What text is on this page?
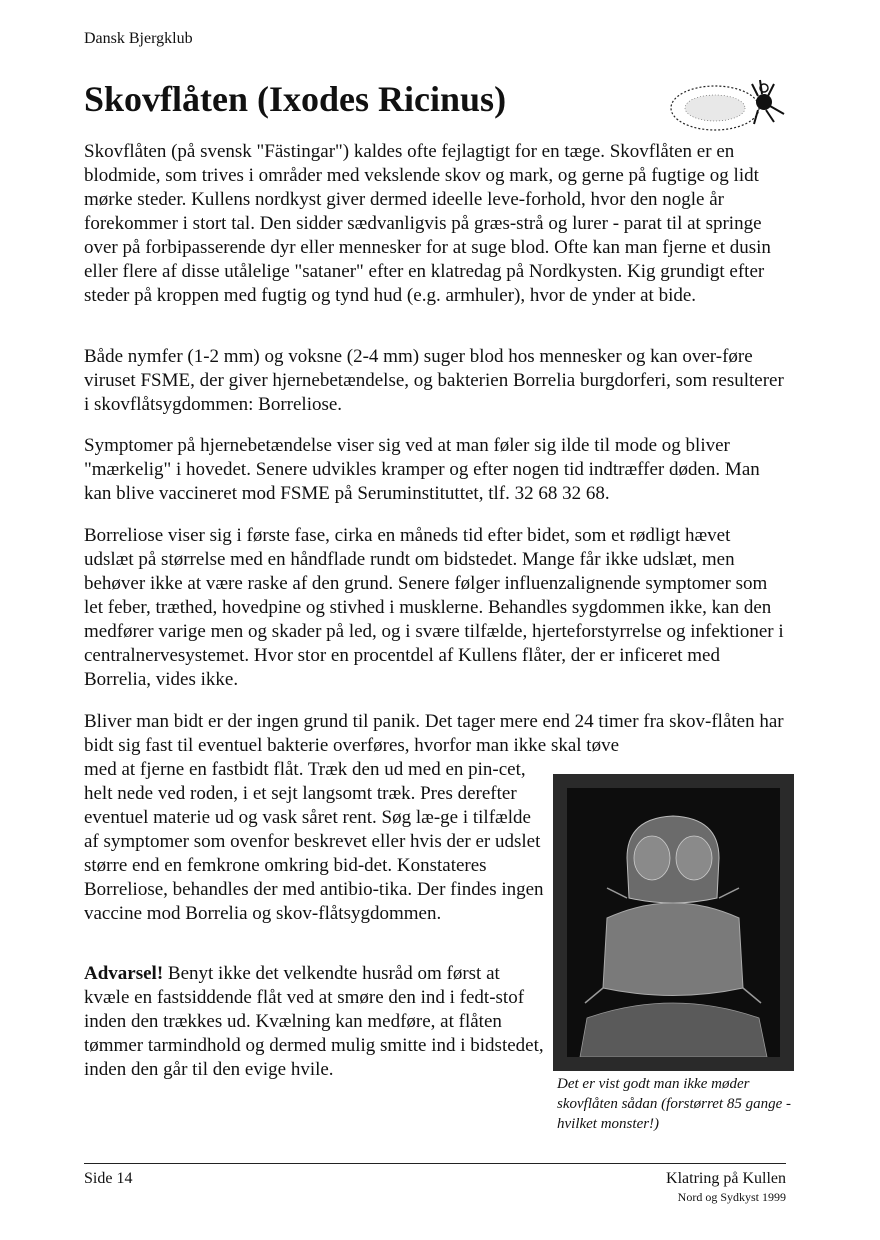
Dansk Bjergklub
Skovflåten (Ixodes Ricinus)

Skovflåten (på svensk "Fästingar") kaldes ofte fejlagtigt for en tæge. Skovflåten er en blodmide, som trives i områder med vekslende skov og mark, og gerne på fugtige og lidt mørke steder. Kullens nordkyst giver dermed ideelle leve-forhold, hvor den nogle år forekommer i stort tal. Den sidder sædvanligvis på græs-strå og lurer - parat til at springe over på forbipasserende dyr eller mennesker for at suge blod. Ofte kan man fjerne et dusin eller flere af disse utålelige "sataner" efter en klatredag på Nordkysten. Kig grundigt efter steder på kroppen med fugtig og tynd hud (e.g. armhuler), hvor de ynder at bide.

Både nymfer (1-2 mm) og voksne (2-4 mm) suger blod hos mennesker og kan over-føre viruset FSME, der giver hjernebetændelse, og bakterien Borrelia burgdorferi, som resulterer i skovflåtsygdommen: Borreliose.

Symptomer på hjernebetændelse viser sig ved at man føler sig ilde til mode og bliver "mærkelig" i hovedet. Senere udvikles kramper og efter nogen tid indtræffer døden. Man kan blive vaccineret mod FSME på Seruminstituttet, tlf. 32 68 32 68.

Borreliose viser sig i første fase, cirka en måneds tid efter bidet, som et rødligt hævet udslæt på størrelse med en håndflade rundt om bidstedet. Mange får ikke udslæt, men behøver ikke at være raske af den grund. Senere følger influenzalignende symptomer som let feber, træthed, hovedpine og stivhed i musklerne. Behandles sygdommen ikke, kan den medfører varige men og skader på led, og i svære tilfælde, hjerteforstyrrelse og infektioner i centralnervesystemet. Hvor stor en procentdel af Kullens flåter, der er inficeret med Borrelia, vides ikke.

Bliver man bidt er der ingen grund til panik. Det tager mere end 24 timer fra skov-flåten har bidt sig fast til eventuel bakterie overføres, hvorfor man ikke skal tøve

med at fjerne en fastbidt flåt. Træk den ud med en pin-cet, helt nede ved roden, i et sejt langsomt træk. Pres derefter eventuel materie ud og vask såret rent. Søg læ-ge i tilfælde af symptomer som ovenfor beskrevet eller hvis der er udslet større end en femkrone omkring bid-det. Konstateres Borreliose, behandles der med antibio-tika. Der findes ingen vaccine mod Borrelia og skov-flåtsygdommen.

Advarsel! Benyt ikke det velkendte husråd om først at kvæle en fastsiddende flåt ved at smøre den ind i fedt-stof inden den trækkes ud. Kvælning kan medføre, at flåten tømmer tarmindhold og dermed mulig smitte ind i bidstedet, inden den går til den evige hvile.

Det er vist godt man ikke møder skovflåten sådan (forstørret 85 gange - hvilket monster!)
Side 14	Klatring på Kullen
Nord og Sydkyst 1999
